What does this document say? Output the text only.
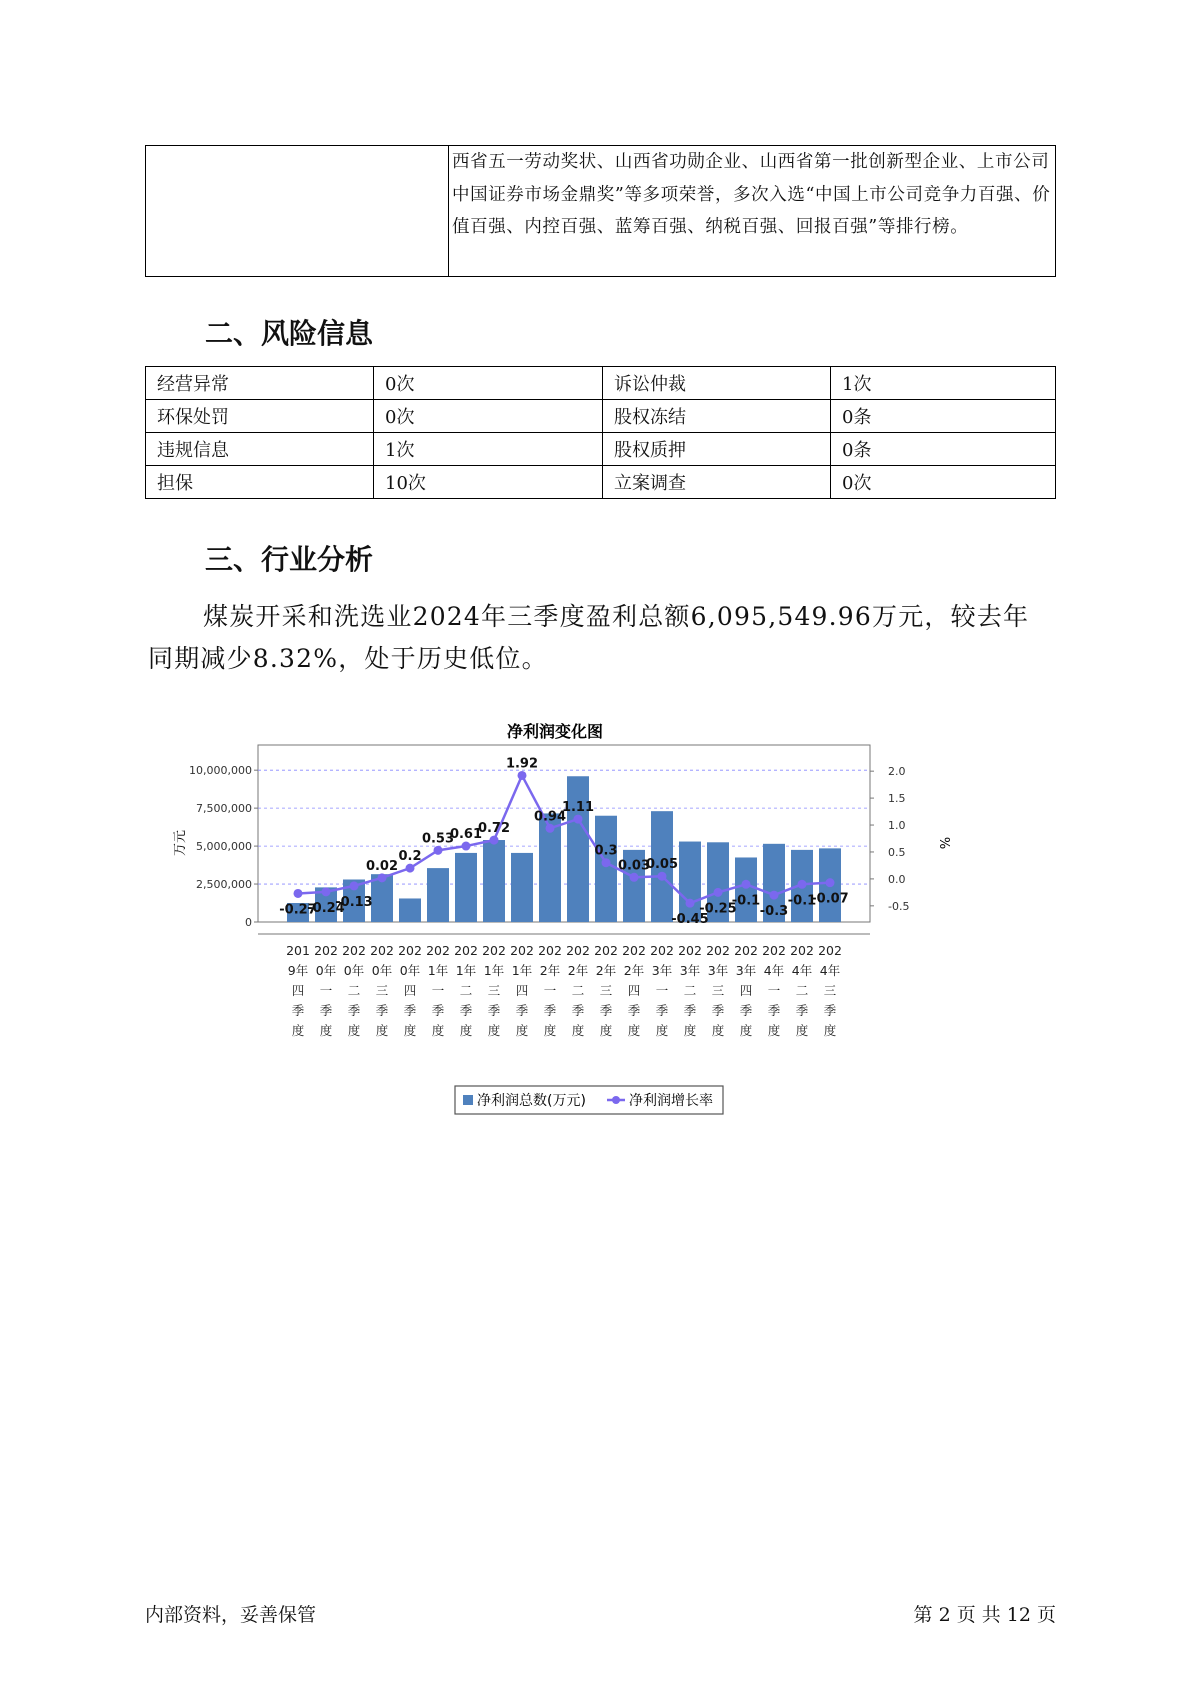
	西省五一劳动奖状、山西省功勋企业、山西省第一批创新型企业、上市公司中国证券市场金鼎奖”等多项荣誉，多次入选“中国上市公司竞争力百强、价值百强、内控百强、蓝筹百强、纳税百强、回报百强”等排行榜。
二、风险信息
经营异常	0次	诉讼仲裁	1次
环保处罚	0次	股权冻结	0条
违规信息	1次	股权质押	0条
担保	10次	立案调查	0次
三、行业分析
煤炭开采和洗选业2024年三季度盈利总额6,095,549.96万元，较去年同期减少8.32%，处于历史低位。
净利润变化图
0
2,500,000
5,000,000
7,500,000
10,000,000
-0.5
0.0
0.5
1.0
1.5
2.0
万元	%
-0.27
-0.24
-0.13
0.02
0.2
0.53
0.61
0.72
1.92
0.94
1.11
0.3
0.03
0.05
-0.45
-0.25
-0.1
-0.3
-0.1
-0.07
201
9年
四
季
度
202
0年
一
季
度
202
0年
二
季
度
202
0年
三
季
度
202
0年
四
季
度
202
1年
一
季
度
202
1年
二
季
度
202
1年
三
季
度
202
1年
四
季
度
202
2年
一
季
度
202
2年
二
季
度
202
2年
三
季
度
202
2年
四
季
度
202
3年
一
季
度
202
3年
二
季
度
202
3年
三
季
度
202
3年
四
季
度
202
4年
一
季
度
202
4年
二
季
度
202
4年
三
季
度
净利润总数(万元)	净利润增长率
内部资料，妥善保管	第 2 页 共 12 页
